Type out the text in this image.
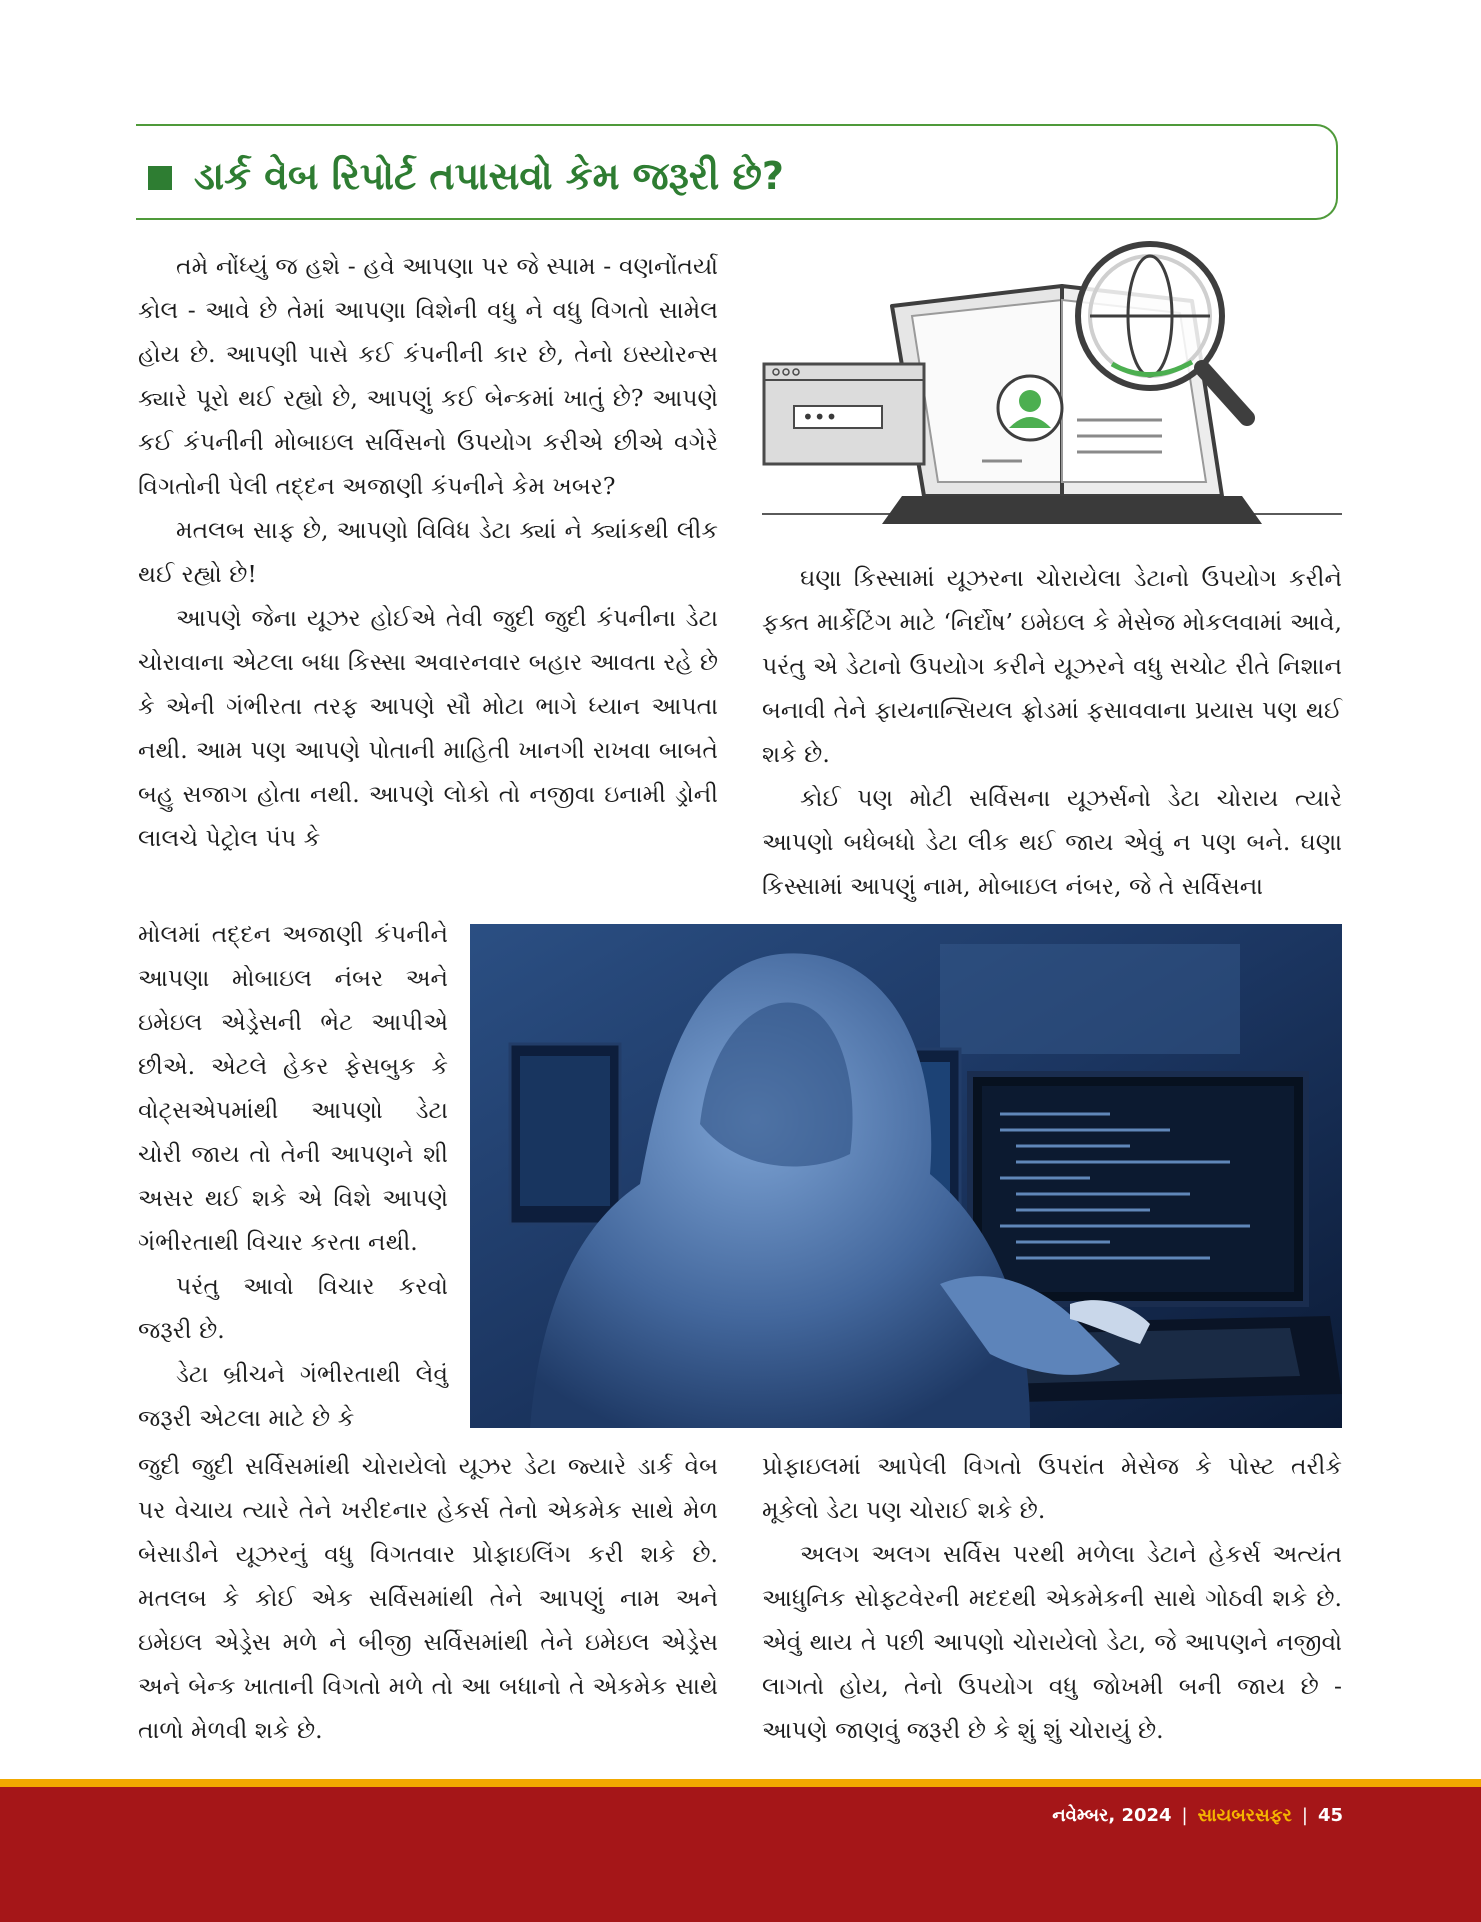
ડાર્ક વેબ રિપોર્ટ તપાસવો કેમ જરૂરી છે?

તમે નોંધ્યું જ હશે - હવે આપણા પર જે સ્પામ - વણનોંતર્યા કોલ - આવે છે તેમાં આપણા વિશેની વધુ ને વધુ વિગતો સામેલ હોય છે. આપણી પાસે કઈ કંપનીની કાર છે, તેનો ઇસ્યોરન્સ ક્યારે પૂરો થઈ રહ્યો છે, આપણું કઈ બેન્કમાં ખાતું છે? આપણે કઈ કંપનીની મોબાઇલ સર્વિસનો ઉપયોગ કરીએ છીએ વગેરે વિગતોની પેલી તદ્દન અજાણી કંપનીને કેમ ખબર?

મતલબ સાફ છે, આપણો વિવિધ ડેટા ક્યાં ને ક્યાંકથી લીક થઈ રહ્યો છે!

આપણે જેના યૂઝર હોઈએ તેવી જુદી જુદી કંપનીના ડેટા ચોરાવાના એટલા બધા કિસ્સા અવારનવાર બહાર આવતા રહે છે કે એની ગંભીરતા તરફ આપણે સૌ મોટા ભાગે ધ્યાન આપતા નથી. આમ પણ આપણે પોતાની માહિતી ખાનગી રાખવા બાબતે બહુ સજાગ હોતા નથી. આપણે લોકો તો નજીવા ઇનામી ડ્રોની લાલચે પેટ્રોલ પંપ કે

મોલમાં તદ્દન અજાણી કંપનીને આપણા મોબાઇલ નંબર અને ઇમેઇલ એડ્રેસની ભેટ આપીએ છીએ. એટલે હેકર ફેસબુક કે વોટ્સએપમાંથી આપણો ડેટા ચોરી જાય તો તેની આપણને શી અસર થઈ શકે એ વિશે આપણે ગંભીરતાથી વિચાર કરતા નથી.

પરંતુ આવો વિચાર કરવો જરૂરી છે.

ડેટા બ્રીચને ગંભીરતાથી લેવું જરૂરી એટલા માટે છે કે

જુદી જુદી સર્વિસમાંથી ચોરાયેલો યૂઝર ડેટા જ્યારે ડાર્ક વેબ પર વેચાય ત્યારે તેને ખરીદનાર હેકર્સ તેનો એકમેક સાથે મેળ બેસાડીને યૂઝરનું વધુ વિગતવાર પ્રોફાઇલિંગ કરી શકે છે. મતલબ કે કોઈ એક સર્વિસમાંથી તેને આપણું નામ અને ઇમેઇલ એડ્રેસ મળે ને બીજી સર્વિસમાંથી તેને ઇમેઇલ એડ્રેસ અને બેન્ક ખાતાની વિગતો મળે તો આ બધાનો તે એકમેક સાથે તાળો મેળવી શકે છે.

ઘણા કિસ્સામાં યૂઝરના ચોરાયેલા ડેટાનો ઉપયોગ કરીને ફક્ત માર્કેટિંગ માટે ‘નિર્દોષ’ ઇમેઇલ કે મેસેજ મોકલવામાં આવે, પરંતુ એ ડેટાનો ઉપયોગ કરીને યૂઝરને વધુ સચોટ રીતે નિશાન બનાવી તેને ફાયનાન્સિયલ ફ્રોડમાં ફસાવવાના પ્રયાસ પણ થઈ શકે છે.

કોઈ પણ મોટી સર્વિસના યૂઝર્સનો ડેટા ચોરાય ત્યારે આપણો બધેબધો ડેટા લીક થઈ જાય એવું ન પણ બને. ઘણા કિસ્સામાં આપણું નામ, મોબાઇલ નંબર, જે તે સર્વિસના

પ્રોફાઇલમાં આપેલી વિગતો ઉપરાંત મેસેજ કે પોસ્ટ તરીકે મૂકેલો ડેટા પણ ચોરાઈ શકે છે.

અલગ અલગ સર્વિસ પરથી મળેલા ડેટાને હેકર્સ અત્યંત આધુનિક સોફ્ટવેરની મદદથી એકમેકની સાથે ગોઠવી શકે છે. એવું થાય તે પછી આપણો ચોરાયેલો ડેટા, જે આપણને નજીવો લાગતો હોય, તેનો ઉપયોગ વધુ જોખમી બની જાય છે - આપણે જાણવું જરૂરી છે કે શું શું ચોરાયું છે.

•••
નવેમ્બર, 2024 | સાયબરસફર | 45
